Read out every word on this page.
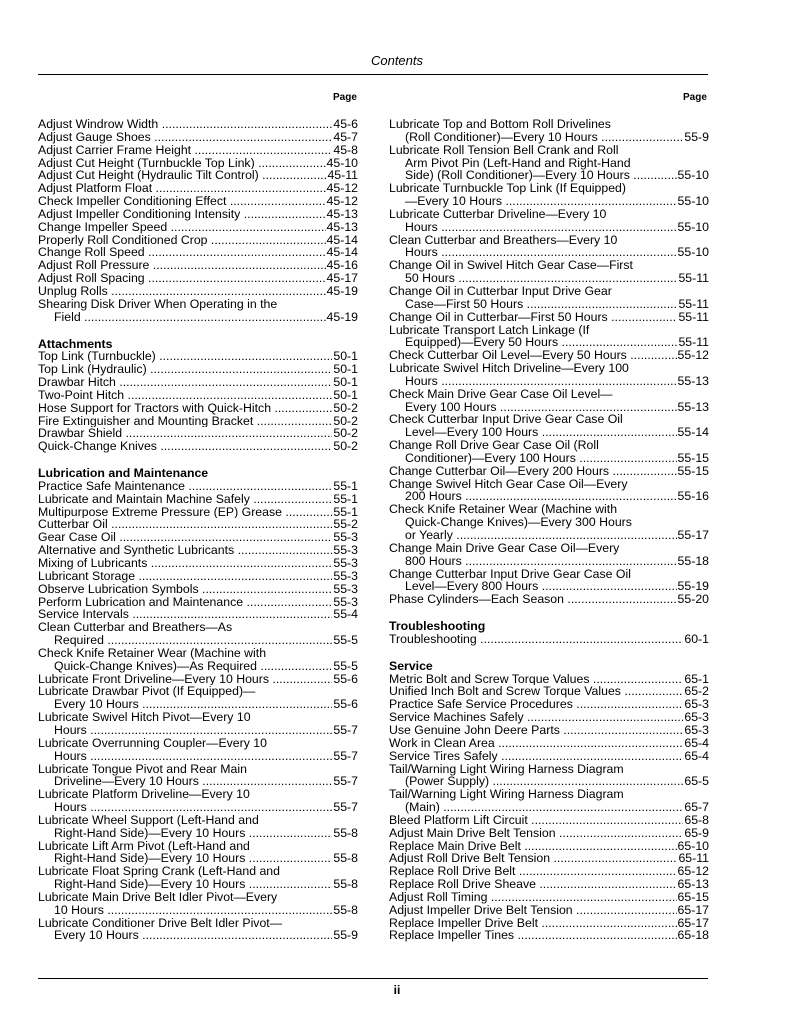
Contents
Page	Page
Adjust Windrow Width .....	45-6
Adjust Gauge Shoes .....	45-7
Adjust Carrier Frame Height .....	45-8
Adjust Cut Height (Turnbuckle Top Link) .....	45-10
Adjust Cut Height (Hydraulic Tilt Control) .....	45-11
Adjust Platform Float .....	45-12
Check Impeller Conditioning Effect .....	45-12
Adjust Impeller Conditioning Intensity .....	45-13
Change Impeller Speed .....	45-13
Properly Roll Conditioned Crop .....	45-14
Change Roll Speed .....	45-14
Adjust Roll Pressure .....	45-16
Adjust Roll Spacing .....	45-17
Unplug Rolls .....	45-19
Shearing Disk Driver When Operating in the
Field .....	45-19
Attachments
Top Link (Turnbuckle) .....	50-1
Top Link (Hydraulic) .....	50-1
Drawbar Hitch .....	50-1
Two-Point Hitch .....	50-1
Hose Support for Tractors with Quick-Hitch .....	50-2
Fire Extinguisher and Mounting Bracket .....	50-2
Drawbar Shield .....	50-2
Quick-Change Knives .....	50-2
Lubrication and Maintenance
Practice Safe Maintenance .....	55-1
Lubricate and Maintain Machine Safely .....	55-1
Multipurpose Extreme Pressure (EP) Grease .....	55-1
Cutterbar Oil .....	55-2
Gear Case Oil .....	55-3
Alternative and Synthetic Lubricants .....	55-3
Mixing of Lubricants .....	55-3
Lubricant Storage .....	55-3
Observe Lubrication Symbols .....	55-3
Perform Lubrication and Maintenance .....	55-3
Service Intervals .....	55-4
Clean Cutterbar and Breathers—As
Required .....	55-5
Check Knife Retainer Wear (Machine with
Quick-Change Knives)—As Required .....	55-5
Lubricate Front Driveline—Every 10 Hours .....	55-6
Lubricate Drawbar Pivot (If Equipped)—
Every 10 Hours .....	55-6
Lubricate Swivel Hitch Pivot—Every 10
Hours .....	55-7
Lubricate Overrunning Coupler—Every 10
Hours .....	55-7
Lubricate Tongue Pivot and Rear Main
Driveline—Every 10 Hours .....	55-7
Lubricate Platform Driveline—Every 10
Hours .....	55-7
Lubricate Wheel Support (Left-Hand and
Right-Hand Side)—Every 10 Hours .....	55-8
Lubricate Lift Arm Pivot (Left-Hand and
Right-Hand Side)—Every 10 Hours .....	55-8
Lubricate Float Spring Crank (Left-Hand and
Right-Hand Side)—Every 10 Hours .....	55-8
Lubricate Main Drive Belt Idler Pivot—Every
10 Hours .....	55-8
Lubricate Conditioner Drive Belt Idler Pivot—
Every 10 Hours .....	55-9
Lubricate Top and Bottom Roll Drivelines
(Roll Conditioner)—Every 10 Hours .....	55-9
Lubricate Roll Tension Bell Crank and Roll
Arm Pivot Pin (Left-Hand and Right-Hand
Side) (Roll Conditioner)—Every 10 Hours .....	55-10
Lubricate Turnbuckle Top Link (If Equipped)
—Every 10 Hours .....	55-10
Lubricate Cutterbar Driveline—Every 10
Hours .....	55-10
Clean Cutterbar and Breathers—Every 10
Hours .....	55-10
Change Oil in Swivel Hitch Gear Case—First
50 Hours .....	55-11
Change Oil in Cutterbar Input Drive Gear
Case—First 50 Hours .....	55-11
Change Oil in Cutterbar—First 50 Hours .....	55-11
Lubricate Transport Latch Linkage (If
Equipped)—Every 50 Hours .....	55-11
Check Cutterbar Oil Level—Every 50 Hours .....	55-12
Lubricate Swivel Hitch Driveline—Every 100
Hours .....	55-13
Check Main Drive Gear Case Oil Level—
Every 100 Hours .....	55-13
Check Cutterbar Input Drive Gear Case Oil
Level—Every 100 Hours .....	55-14
Change Roll Drive Gear Case Oil (Roll
Conditioner)—Every 100 Hours .....	55-15
Change Cutterbar Oil—Every 200 Hours .....	55-15
Change Swivel Hitch Gear Case Oil—Every
200 Hours .....	55-16
Check Knife Retainer Wear (Machine with
Quick-Change Knives)—Every 300 Hours
or Yearly .....	55-17
Change Main Drive Gear Case Oil—Every
800 Hours .....	55-18
Change Cutterbar Input Drive Gear Case Oil
Level—Every 800 Hours .....	55-19
Phase Cylinders—Each Season .....	55-20
Troubleshooting
Troubleshooting .....	60-1
Service
Metric Bolt and Screw Torque Values .....	65-1
Unified Inch Bolt and Screw Torque Values .....	65-2
Practice Safe Service Procedures .....	65-3
Service Machines Safely .....	65-3
Use Genuine John Deere Parts .....	65-3
Work in Clean Area .....	65-4
Service Tires Safely .....	65-4
Tail/Warning Light Wiring Harness Diagram
(Power Supply) .....	65-5
Tail/Warning Light Wiring Harness Diagram
(Main) .....	65-7
Bleed Platform Lift Circuit .....	65-8
Adjust Main Drive Belt Tension .....	65-9
Replace Main Drive Belt .....	65-10
Adjust Roll Drive Belt Tension .....	65-11
Replace Roll Drive Belt .....	65-12
Replace Roll Drive Sheave .....	65-13
Adjust Roll Timing .....	65-15
Adjust Impeller Drive Belt Tension .....	65-17
Replace Impeller Drive Belt .....	65-17
Replace Impeller Tines .....	65-18
ii
